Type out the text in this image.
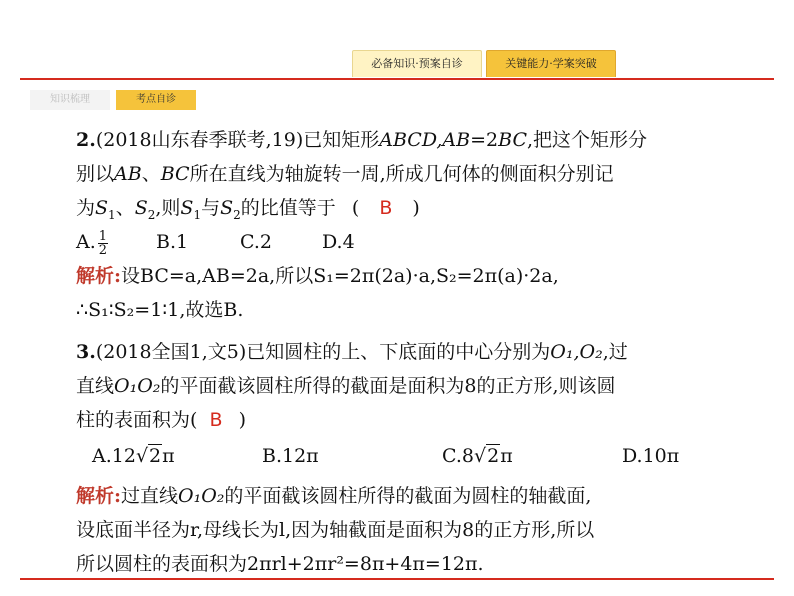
必备知识·预案自诊	关键能力·学案突破
知识梳理	考点自诊
2.(2018山东春季联考,19)已知矩形ABCD,AB=2BC,把这个矩形分
别以AB、BC所在直线为轴旋转一周,所成几何体的侧面积分别记
为$S_1$、$S_2$,则$S_1$与$S_2$的比值等于 ( B )
A. $\frac{1}{2}$	B.1	C.2	D.4
解析:设BC=a,AB=2a,所以S₁=2π(2a)·a,S₂=2π(a)·2a,
∴S₁∶S₂=1∶1,故选B.
3.(2018全国1,文5)已知圆柱的上、下底面的中心分别为O₁,O₂,过
直线O₁O₂的平面截该圆柱所得的截面是面积为8的正方形,则该圆
柱的表面积为( B )
A.12√2π	B.12π	C.8√2π	D.10π
解析:过直线O₁O₂的平面截该圆柱所得的截面为圆柱的轴截面,
设底面半径为r,母线长为l,因为轴截面是面积为8的正方形,所以
所以圆柱的表面积为2πrl+2πr²=8π+4π=12π.
